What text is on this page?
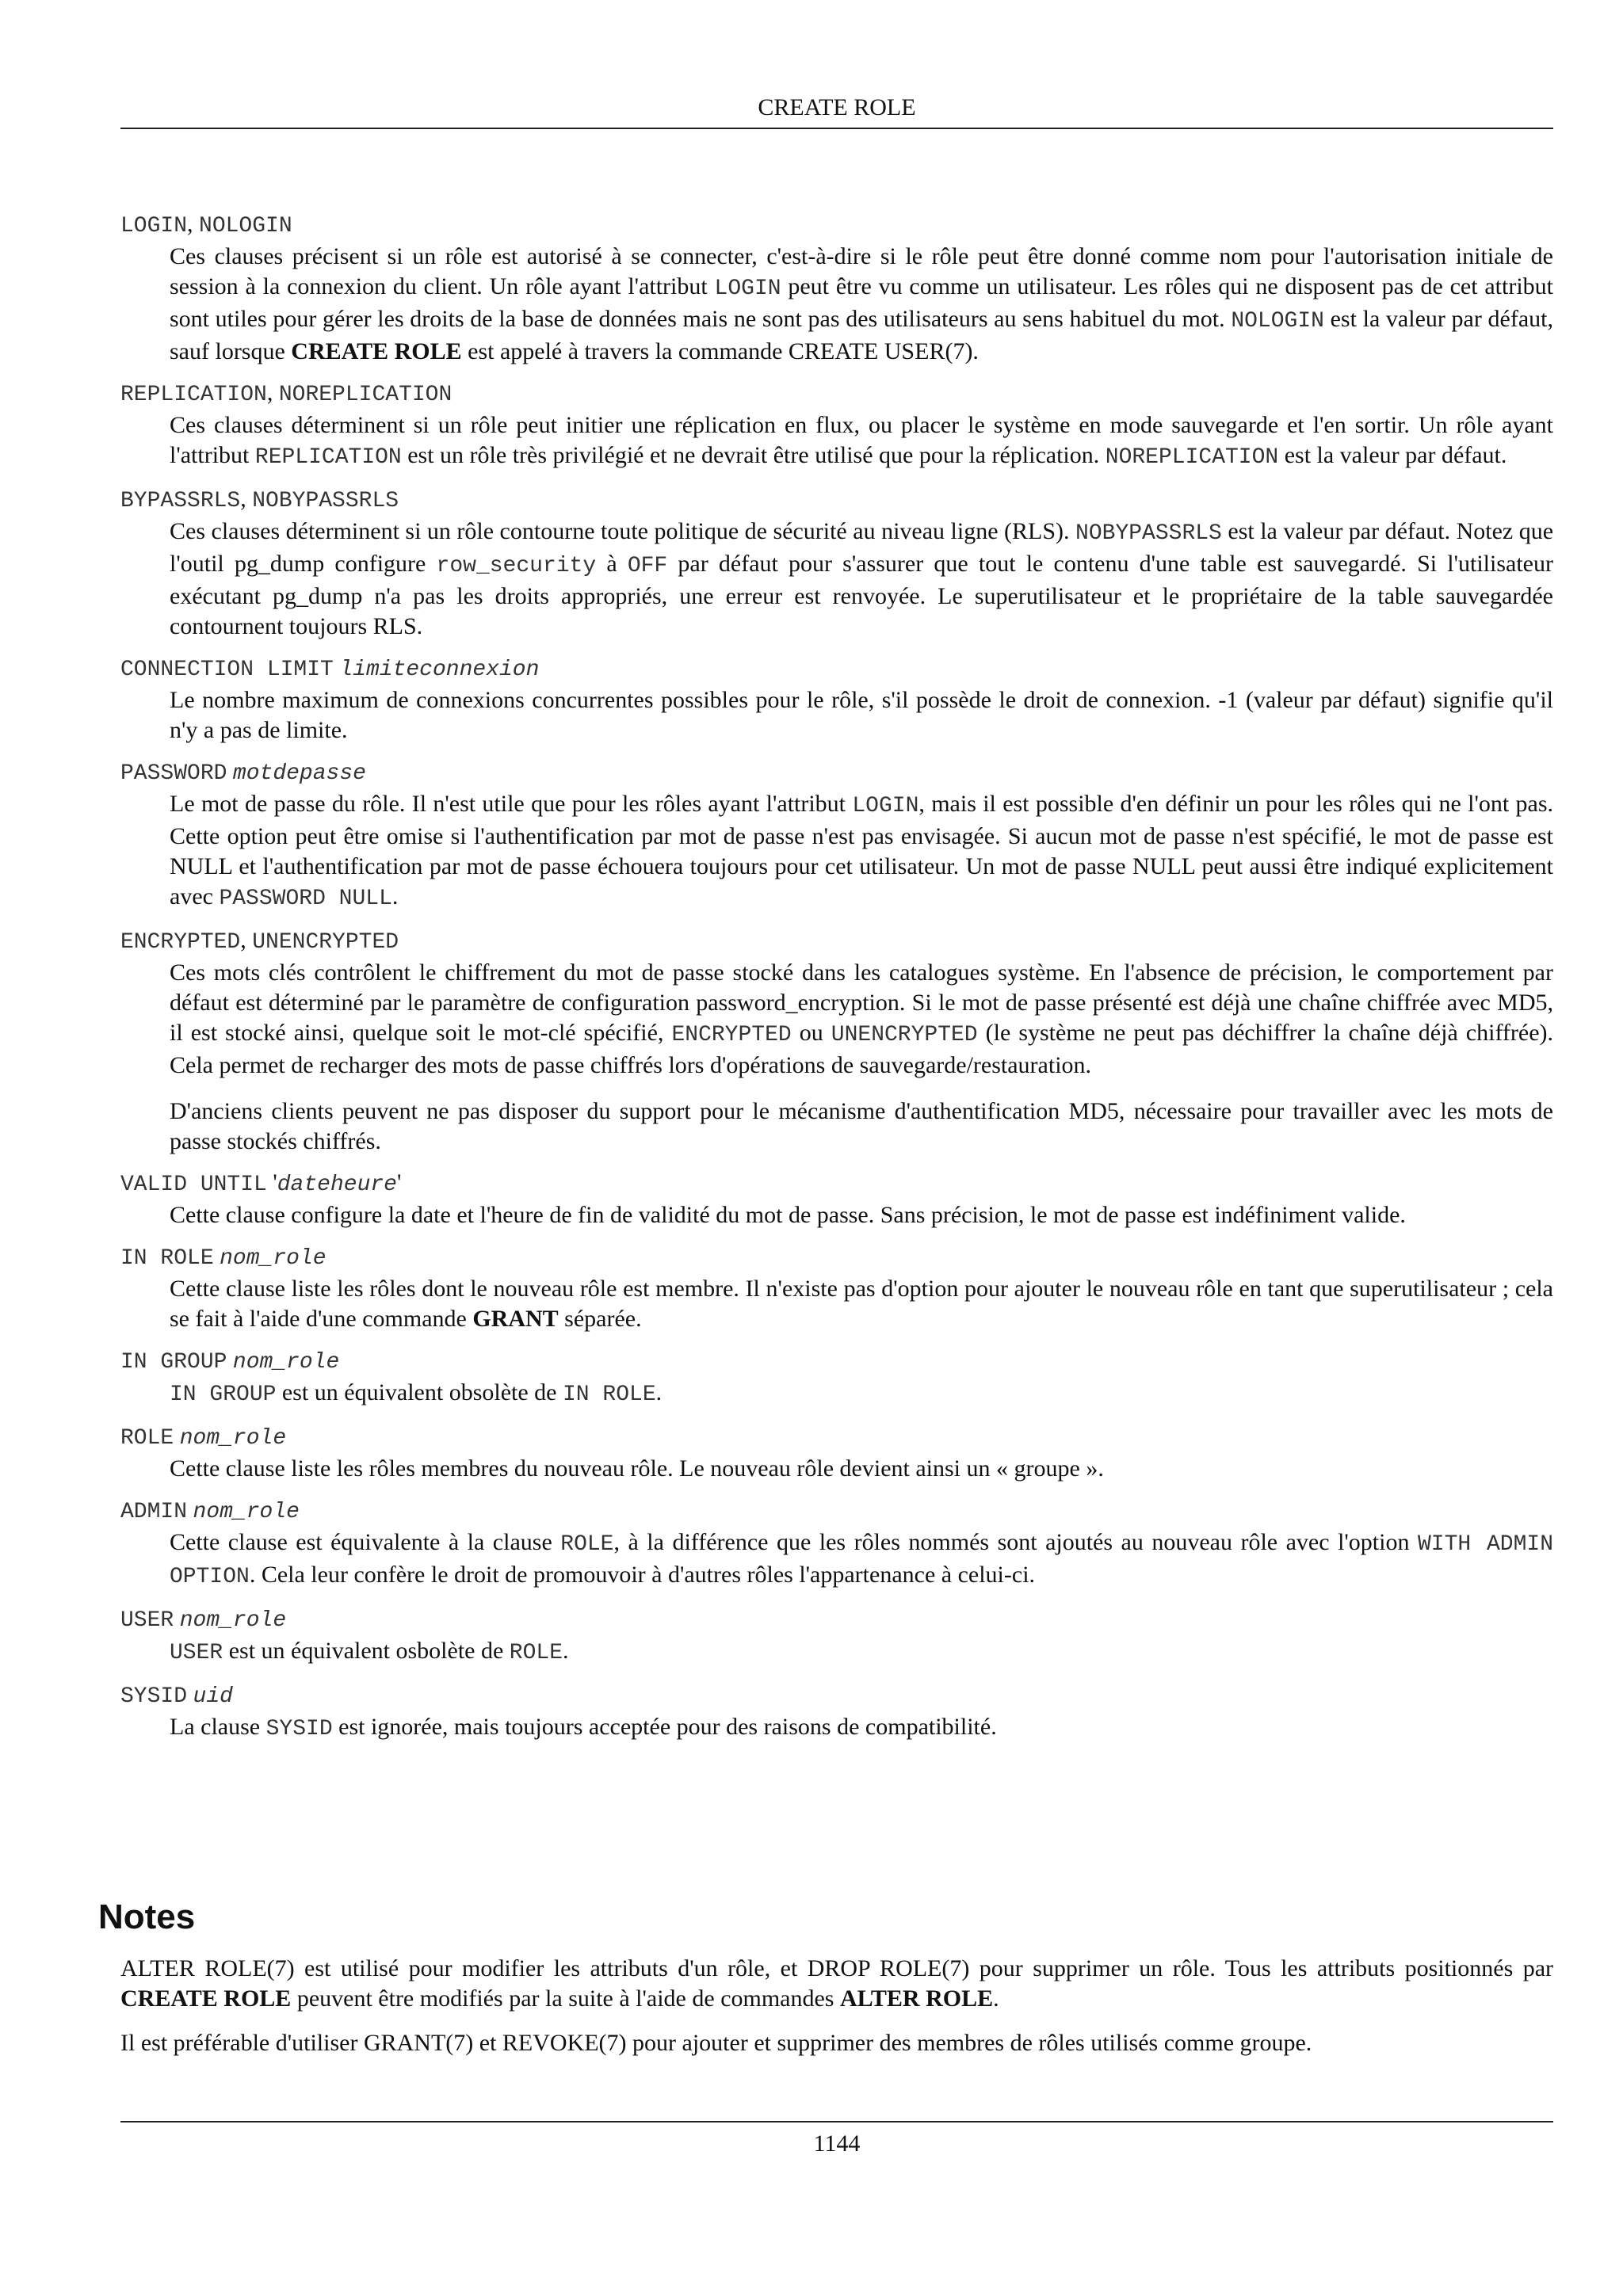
CREATE ROLE
LOGIN, NOLOGIN

Ces clauses précisent si un rôle est autorisé à se connecter, c'est-à-dire si le rôle peut être donné comme nom pour l'autorisation initiale de session à la connexion du client. Un rôle ayant l'attribut LOGIN peut être vu comme un utilisateur. Les rôles qui ne disposent pas de cet attribut sont utiles pour gérer les droits de la base de données mais ne sont pas des utilisateurs au sens habituel du mot. NOLOGIN est la valeur par défaut, sauf lorsque CREATE ROLE est appelé à travers la commande CREATE USER(7).

REPLICATION, NOREPLICATION

Ces clauses déterminent si un rôle peut initier une réplication en flux, ou placer le système en mode sauvegarde et l'en sortir. Un rôle ayant l'attribut REPLICATION est un rôle très privilégié et ne devrait être utilisé que pour la réplication. NOREPLICATION est la valeur par défaut.

BYPASSRLS, NOBYPASSRLS

Ces clauses déterminent si un rôle contourne toute politique de sécurité au niveau ligne (RLS). NOBYPASSRLS est la valeur par défaut. Notez que l'outil pg_dump configure row_security à OFF par défaut pour s'assurer que tout le contenu d'une table est sauvegardé. Si l'utilisateur exécutant pg_dump n'a pas les droits appropriés, une erreur est renvoyée. Le superutilisateur et le propriétaire de la table sauvegardée contournent toujours RLS.

CONNECTION LIMIT limiteconnexion

Le nombre maximum de connexions concurrentes possibles pour le rôle, s'il possède le droit de connexion. -1 (valeur par défaut) signifie qu'il n'y a pas de limite.

PASSWORD motdepasse

Le mot de passe du rôle. Il n'est utile que pour les rôles ayant l'attribut LOGIN, mais il est possible d'en définir un pour les rôles qui ne l'ont pas. Cette option peut être omise si l'authentification par mot de passe n'est pas envisagée. Si aucun mot de passe n'est spécifié, le mot de passe est NULL et l'authentification par mot de passe échouera toujours pour cet utilisateur. Un mot de passe NULL peut aussi être indiqué explicitement avec PASSWORD NULL.

ENCRYPTED, UNENCRYPTED

Ces mots clés contrôlent le chiffrement du mot de passe stocké dans les catalogues système. En l'absence de précision, le comportement par défaut est déterminé par le paramètre de configuration password_encryption. Si le mot de passe présenté est déjà une chaîne chiffrée avec MD5, il est stocké ainsi, quelque soit le mot-clé spécifié, ENCRYPTED ou UNENCRYPTED (le système ne peut pas déchiffrer la chaîne déjà chiffrée). Cela permet de recharger des mots de passe chiffrés lors d'opérations de sauvegarde/restauration.

D'anciens clients peuvent ne pas disposer du support pour le mécanisme d'authentification MD5, nécessaire pour travailler avec les mots de passe stockés chiffrés.

VALID UNTIL 'dateheure'

Cette clause configure la date et l'heure de fin de validité du mot de passe. Sans précision, le mot de passe est indéfiniment valide.

IN ROLE nom_role

Cette clause liste les rôles dont le nouveau rôle est membre. Il n'existe pas d'option pour ajouter le nouveau rôle en tant que superutilisateur ; cela se fait à l'aide d'une commande GRANT séparée.

IN GROUP nom_role

IN GROUP est un équivalent obsolète de IN ROLE.

ROLE nom_role

Cette clause liste les rôles membres du nouveau rôle. Le nouveau rôle devient ainsi un « groupe ».

ADMIN nom_role

Cette clause est équivalente à la clause ROLE, à la différence que les rôles nommés sont ajoutés au nouveau rôle avec l'option WITH ADMIN OPTION. Cela leur confère le droit de promouvoir à d'autres rôles l'appartenance à celui-ci.

USER nom_role

USER est un équivalent osbolète de ROLE.

SYSID uid

La clause SYSID est ignorée, mais toujours acceptée pour des raisons de compatibilité.

Notes

ALTER ROLE(7) est utilisé pour modifier les attributs d'un rôle, et DROP ROLE(7) pour supprimer un rôle. Tous les attributs positionnés par CREATE ROLE peuvent être modifiés par la suite à l'aide de commandes ALTER ROLE.

Il est préférable d'utiliser GRANT(7) et REVOKE(7) pour ajouter et supprimer des membres de rôles utilisés comme groupe.

1144
